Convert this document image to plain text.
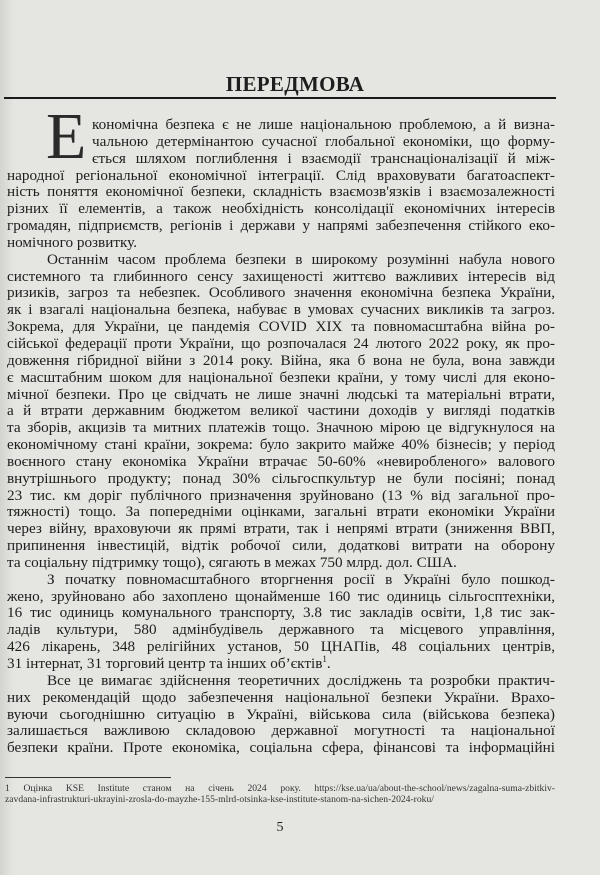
ПЕРЕДМОВА
Е кономічна безпека є не лише національною проблемою, а й визна-
чальною детермінантою сучасної глобальної економіки, що форму-
ється шляхом поглиблення і взаємодії транснаціоналізації й між-
народної регіональної економічної інтеграції. Слід враховувати багатоаспект-
ність поняття економічної безпеки, складність взаємозв'язків і взаємозалежності
різних її елементів, а також необхідність консолідації економічних інтересів
громадян, підприємств, регіонів і держави у напрямі забезпечення стійкого еко-
номічного розвитку.
Останнім часом проблема безпеки в широкому розумінні набула нового
системного та глибинного сенсу захищеності життєво важливих інтересів від
ризиків, загроз та небезпек. Особливого значення економічна безпека України,
як і взагалі національна безпека, набуває в умовах сучасних викликів та загроз.
Зокрема, для України, це пандемія COVID XIX та повномасштабна війна ро-
сійської федерації проти України, що розпочалася 24 лютого 2022 року, як про-
довження гібридної війни з 2014 року. Війна, яка б вона не була, вона завжди
є масштабним шоком для національної безпеки країни, у тому числі для еконо-
мічної безпеки. Про це свідчать не лише значні людські та матеріальні втрати,
а й втрати державним бюджетом великої частини доходів у вигляді податків
та зборів, акцизів та митних платежів тощо. Значною мірою це відгукнулося на
економічному стані країни, зокрема: було закрито майже 40% бізнесів; у період
воєнного стану економіка України втрачає 50-60% «невиробленого» валового
внутрішнього продукту; понад 30% сільгоспкультур не були посіяні; понад
23 тис. км доріг публічного призначення зруйновано (13 % від загальної про-
тяжності) тощо. За попередніми оцінками, загальні втрати економіки України
через війну, враховуючи як прямі втрати, так і непрямі втрати (зниження ВВП,
припинення інвестицій, відтік робочої сили, додаткові витрати на оборону
та соціальну підтримку тощо), сягають в межах 750 млрд. дол. США.
З початку повномасштабного вторгнення росії в Україні було пошкод-
жено, зруйновано або захоплено щонайменше 160 тис одиниць сільгосптехніки,
16 тис одиниць комунального транспорту, 3.8 тис закладів освіти, 1,8 тис зак-
ладів культури, 580 адмінбудівель державного та місцевого управління,
426 лікарень, 348 релігійних установ, 50 ЦНАПів, 48 соціальних центрів,
31 інтернат, 31 торговий центр та інших об’єктів$^1$.
Все це вимагає здійснення теоретичних досліджень та розробки практич-
них рекомендацій щодо забезпечення національної безпеки України. Врахо-
вуючи сьогоднішню ситуацію в Україні, військова сила (військова безпека)
залишається важливою складовою державної могутності та національної
безпеки країни. Проте економіка, соціальна сфера, фінансові та інформаційні
1 Оцінка KSE Institute станом на січень 2024 року. https://kse.ua/ua/about-the-school/news/zagalna-suma-zbitkiv-
zavdana-infrastrukturi-ukrayini-zrosla-do-mayzhe-155-mlrd-otsinka-kse-institute-stanom-na-sichen-2024-roku/
5
